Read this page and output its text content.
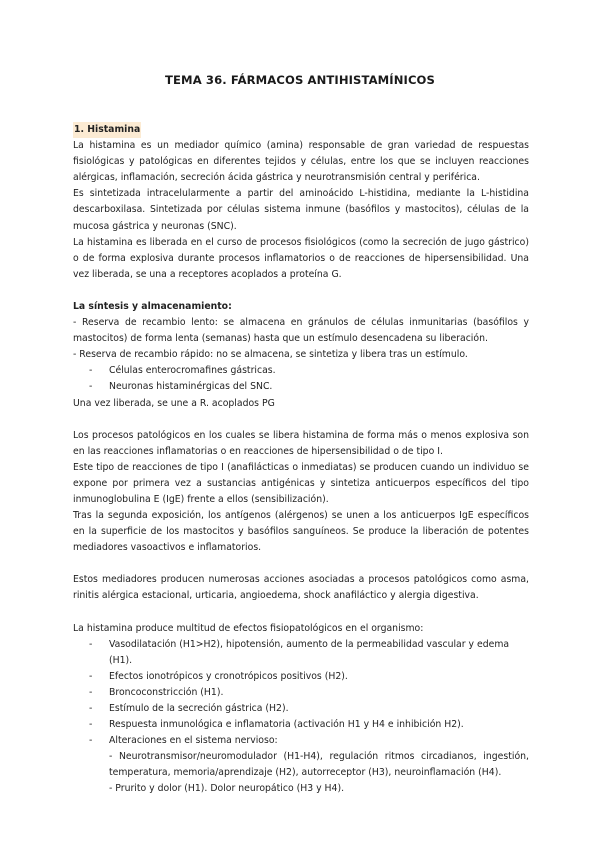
TEMA 36. FÁRMACOS ANTIHISTAMÍNICOS
1. Histamina

La histamina es un mediador químico (amina) responsable de gran variedad de respuestas fisiológicas y patológicas en diferentes tejidos y células, entre los que se incluyen reacciones alérgicas, inflamación, secreción ácida gástrica y neurotransmisión central y periférica.

Es sintetizada intracelularmente a partir del aminoácido L-histidina, mediante la L-histidina descarboxilasa. Sintetizada por células sistema inmune (basófilos y mastocitos), células de la mucosa gástrica y neuronas (SNC).

La histamina es liberada en el curso de procesos fisiológicos (como la secreción de jugo gástrico) o de forma explosiva durante procesos inflamatorios o de reacciones de hipersensibilidad. Una vez liberada, se una a receptores acoplados a proteína G.

La síntesis y almacenamiento:

- Reserva de recambio lento: se almacena en gránulos de células inmunitarias (basófilos y mastocitos) de forma lenta (semanas) hasta que un estímulo desencadena su liberación.

- Reserva de recambio rápido: no se almacena, se sintetiza y libera tras un estímulo.

- Células enterocromafines gástricas.
- Neuronas histaminérgicas del SNC.

Una vez liberada, se une a R. acoplados PG

Los procesos patológicos en los cuales se libera histamina de forma más o menos explosiva son en las reacciones inflamatorias o en reacciones de hipersensibilidad o de tipo I.

Este tipo de reacciones de tipo I (anafilácticas o inmediatas) se producen cuando un individuo se expone por primera vez a sustancias antigénicas y sintetiza anticuerpos específicos del tipo inmunoglobulina E (IgE) frente a ellos (sensibilización).

Tras la segunda exposición, los antígenos (alérgenos) se unen a los anticuerpos IgE específicos en la superficie de los mastocitos y basófilos sanguíneos. Se produce la liberación de potentes mediadores vasoactivos e inflamatorios.

Estos mediadores producen numerosas acciones asociadas a procesos patológicos como asma, rinitis alérgica estacional, urticaria, angioedema, shock anafiláctico y alergia digestiva.

La histamina produce multitud de efectos fisiopatológicos en el organismo:

- Vasodilatación (H1>H2), hipotensión, aumento de la permeabilidad vascular y edema (H1).
- Efectos ionotrópicos y cronotrópicos positivos (H2).
- Broncoconstricción (H1).
- Estímulo de la secreción gástrica (H2).
- Respuesta inmunológica e inflamatoria (activación H1 y H4 e inhibición H2).
- Alteraciones en el sistema nervioso:

- Neurotransmisor/neuromodulador (H1-H4), regulación ritmos circadianos, ingestión, temperatura, memoria/aprendizaje (H2), autorreceptor (H3), neuroinflamación (H4).

- Prurito y dolor (H1). Dolor neuropático (H3 y H4).
